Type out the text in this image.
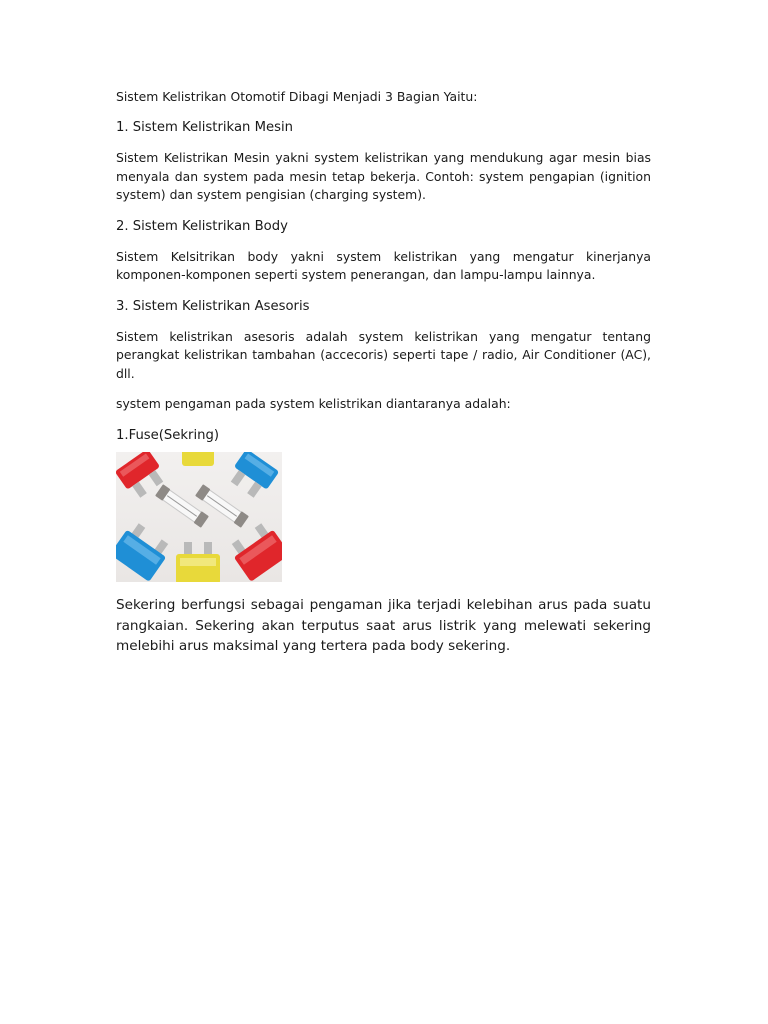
Sistem Kelistrikan Otomotif Dibagi Menjadi 3 Bagian Yaitu:

1. Sistem Kelistrikan Mesin

Sistem Kelistrikan Mesin yakni system kelistrikan yang mendukung agar mesin bias menyala dan system pada mesin tetap bekerja. Contoh: system pengapian (ignition system) dan system pengisian (charging system).

2. Sistem Kelistrikan Body

Sistem Kelsitrikan body yakni system kelistrikan yang mengatur kinerjanya komponen-komponen seperti system penerangan, dan lampu-lampu lainnya.

3. Sistem Kelistrikan Asesoris

Sistem kelistrikan asesoris adalah system kelistrikan yang mengatur tentang perangkat kelistrikan tambahan (accecoris) seperti tape / radio, Air Conditioner (AC), dll.

system pengaman pada system kelistrikan diantaranya adalah:

1.Fuse(Sekring)

Sekering berfungsi sebagai pengaman jika terjadi kelebihan arus pada suatu rangkaian. Sekering akan terputus saat arus listrik yang melewati sekering melebihi arus maksimal yang tertera pada body sekering.
